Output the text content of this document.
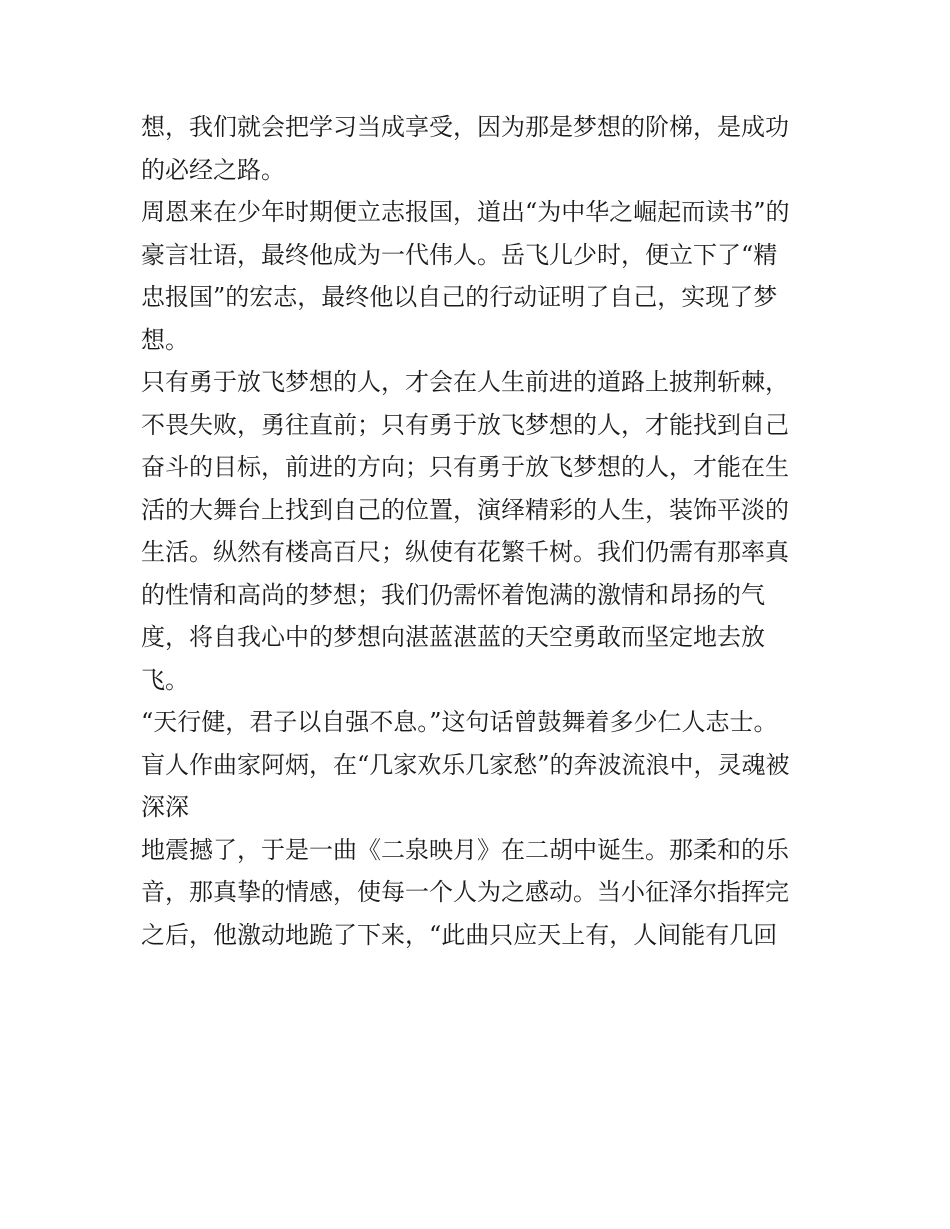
想，我们就会把学习当成享受，因为那是梦想的阶梯，是成功
的必经之路。
周恩来在少年时期便立志报国，道出“为中华之崛起而读书”的
豪言壮语，最终他成为一代伟人。岳飞儿少时，便立下了“精
忠报国”的宏志，最终他以自己的行动证明了自己，实现了梦
想。
只有勇于放飞梦想的人，才会在人生前进的道路上披荆斩棘，
不畏失败，勇往直前；只有勇于放飞梦想的人，才能找到自己
奋斗的目标，前进的方向；只有勇于放飞梦想的人，才能在生
活的大舞台上找到自己的位置，演绎精彩的人生，装饰平淡的
生活。纵然有楼高百尺；纵使有花繁千树。我们仍需有那率真
的性情和高尚的梦想；我们仍需怀着饱满的激情和昂扬的气
度，将自我心中的梦想向湛蓝湛蓝的天空勇敢而坚定地去放
飞。
“天行健，君子以自强不息。”这句话曾鼓舞着多少仁人志士。
盲人作曲家阿炳，在“几家欢乐几家愁”的奔波流浪中，灵魂被
深深
地震撼了，于是一曲《二泉映月》在二胡中诞生。那柔和的乐
音，那真挚的情感，使每一个人为之感动。当小征泽尔指挥完
之后，他激动地跪了下来，“此曲只应天上有，人间能有几回
